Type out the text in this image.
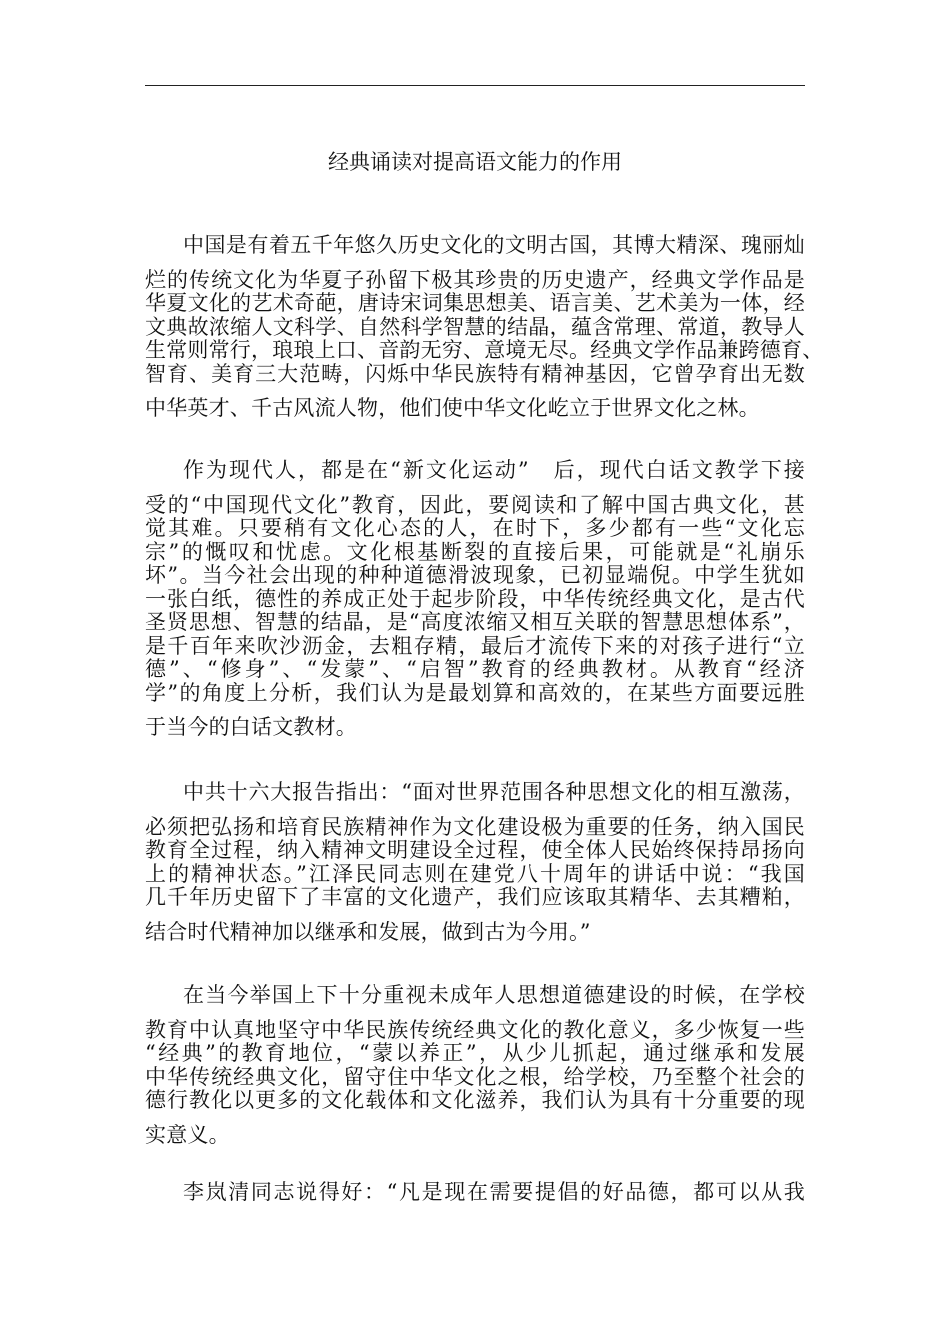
经典诵读对提高语文能力的作用
中国是有着五千年悠久历史文化的文明古国，其博大精深、瑰丽灿
烂的传统文化为华夏子孙留下极其珍贵的历史遗产，经典文学作品是
华夏文化的艺术奇葩，唐诗宋词集思想美、语言美、艺术美为一体，经
文典故浓缩人文科学、自然科学智慧的结晶，蕴含常理、常道，教导人
生常则常行，琅琅上口、音韵无穷、意境无尽。经典文学作品兼跨德育、
智育、美育三大范畴，闪烁中华民族特有精神基因，它曾孕育出无数
中华英才、千古风流人物，他们使中华文化屹立于世界文化之林。
作为现代人，都是在“新文化运动”　后，现代白话文教学下接
受的“中国现代文化”教育，因此，要阅读和了解中国古典文化，甚
觉其难。只要稍有文化心态的人，在时下，多少都有一些“文化忘
宗”的慨叹和忧虑。文化根基断裂的直接后果，可能就是“礼崩乐
坏”。当今社会出现的种种道德滑波现象，已初显端倪。中学生犹如
一张白纸，德性的养成正处于起步阶段，中华传统经典文化，是古代
圣贤思想、智慧的结晶，是“高度浓缩又相互关联的智慧思想体系”，
是千百年来吹沙沥金，去粗存精，最后才流传下来的对孩子进行“立
德”、“修身”、“发蒙”、“启智”教育的经典教材。从教育“经济
学”的角度上分析，我们认为是最划算和高效的，在某些方面要远胜
于当今的白话文教材。
中共十六大报告指出：“面对世界范围各种思想文化的相互激荡，
必须把弘扬和培育民族精神作为文化建设极为重要的任务，纳入国民
教育全过程，纳入精神文明建设全过程，使全体人民始终保持昂扬向
上的精神状态。”江泽民同志则在建党八十周年的讲话中说：“我国
几千年历史留下了丰富的文化遗产，我们应该取其精华、去其糟粕，
结合时代精神加以继承和发展，做到古为今用。”
在当今举国上下十分重视未成年人思想道德建设的时候，在学校
教育中认真地坚守中华民族传统经典文化的教化意义，多少恢复一些
“经典”的教育地位，“蒙以养正”，从少儿抓起，通过继承和发展
中华传统经典文化，留守住中华文化之根，给学校，乃至整个社会的
德行教化以更多的文化载体和文化滋养，我们认为具有十分重要的现
实意义。
李岚清同志说得好：“凡是现在需要提倡的好品德，都可以从我
